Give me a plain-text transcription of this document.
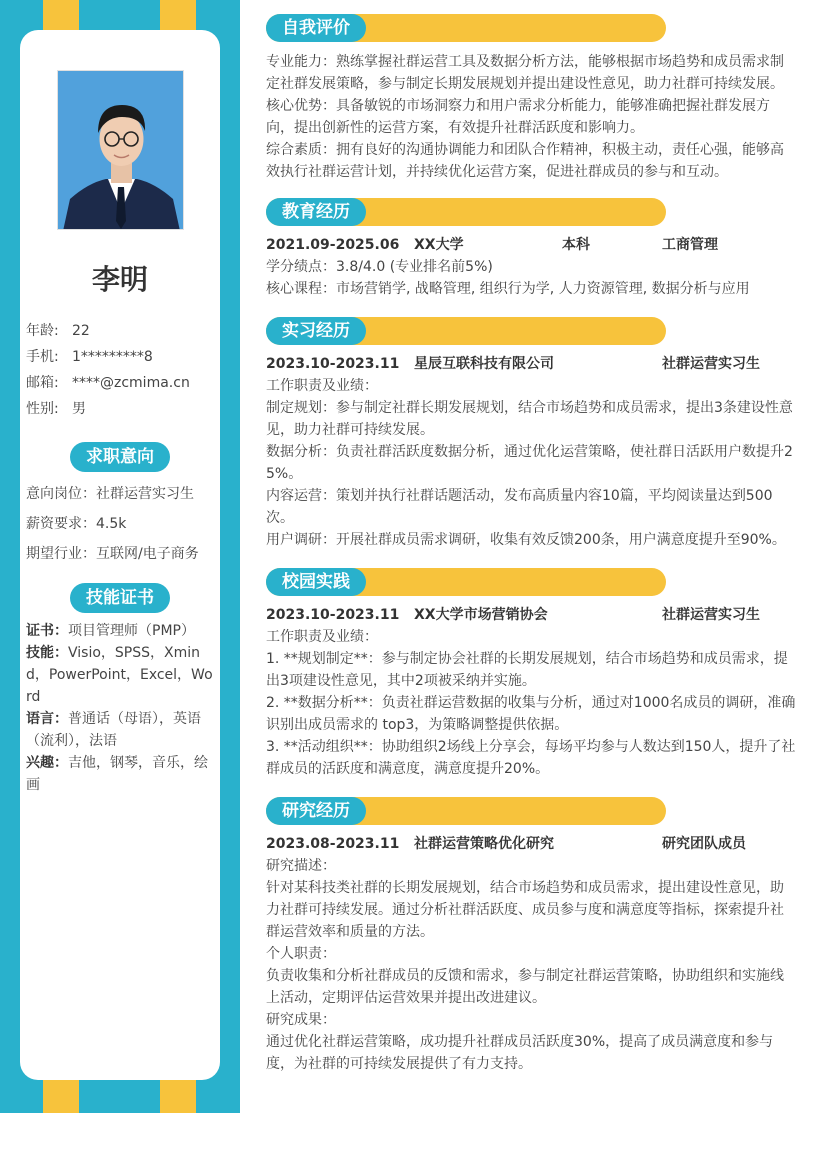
李明
年龄: 22
手机: 1*********8
邮箱: ****@zcmima.cn
性别: 男
求职意向
意向岗位：社群运营实习生
薪资要求：4.5k
期望行业：互联网/电子商务
技能证书
证书：项目管理师（PMP）
技能：Visio，SPSS，Xmind，PowerPoint，Excel，Word
语言：普通话（母语），英语（流利），法语
兴趣：吉他，钢琴，音乐，绘画
自我评价
专业能力：熟练掌握社群运营工具及数据分析方法，能够根据市场趋势和成员需求制定社群发展策略，参与制定长期发展规划并提出建设性意见，助力社群可持续发展。
核心优势：具备敏锐的市场洞察力和用户需求分析能力，能够准确把握社群发展方向，提出创新性的运营方案，有效提升社群活跃度和影响力。
综合素质：拥有良好的沟通协调能力和团队合作精神，积极主动，责任心强，能够高效执行社群运营计划，并持续优化运营方案，促进社群成员的参与和互动。
教育经历
2021.09-2025.06	XX大学	本科	工商管理
学分绩点：3.8/4.0 (专业排名前5%)
核心课程：市场营销学, 战略管理, 组织行为学, 人力资源管理, 数据分析与应用
实习经历
2023.10-2023.11	星辰互联科技有限公司	社群运营实习生
工作职责及业绩：
制定规划：参与制定社群长期发展规划，结合市场趋势和成员需求，提出3条建设性意见，助力社群可持续发展。
数据分析：负责社群活跃度数据分析，通过优化运营策略，使社群日活跃用户数提升25%。
内容运营：策划并执行社群话题活动，发布高质量内容10篇，平均阅读量达到500次。
用户调研：开展社群成员需求调研，收集有效反馈200条，用户满意度提升至90%。
校园实践
2023.10-2023.11	XX大学市场营销协会	社群运营实习生
工作职责及业绩：
1. **规划制定**：参与制定协会社群的长期发展规划，结合市场趋势和成员需求，提出3项建设性意见，其中2项被采纳并实施。
2. **数据分析**：负责社群运营数据的收集与分析，通过对1000名成员的调研，准确识别出成员需求的 top3，为策略调整提供依据。
3. **活动组织**：协助组织2场线上分享会，每场平均参与人数达到150人，提升了社群成员的活跃度和满意度，满意度提升20%。
研究经历
2023.08-2023.11	社群运营策略优化研究	研究团队成员
研究描述：
针对某科技类社群的长期发展规划，结合市场趋势和成员需求，提出建设性意见，助力社群可持续发展。通过分析社群活跃度、成员参与度和满意度等指标，探索提升社群运营效率和质量的方法。
个人职责：
负责收集和分析社群成员的反馈和需求，参与制定社群运营策略，协助组织和实施线上活动，定期评估运营效果并提出改进建议。
研究成果：
通过优化社群运营策略，成功提升社群成员活跃度30%，提高了成员满意度和参与度，为社群的可持续发展提供了有力支持。
